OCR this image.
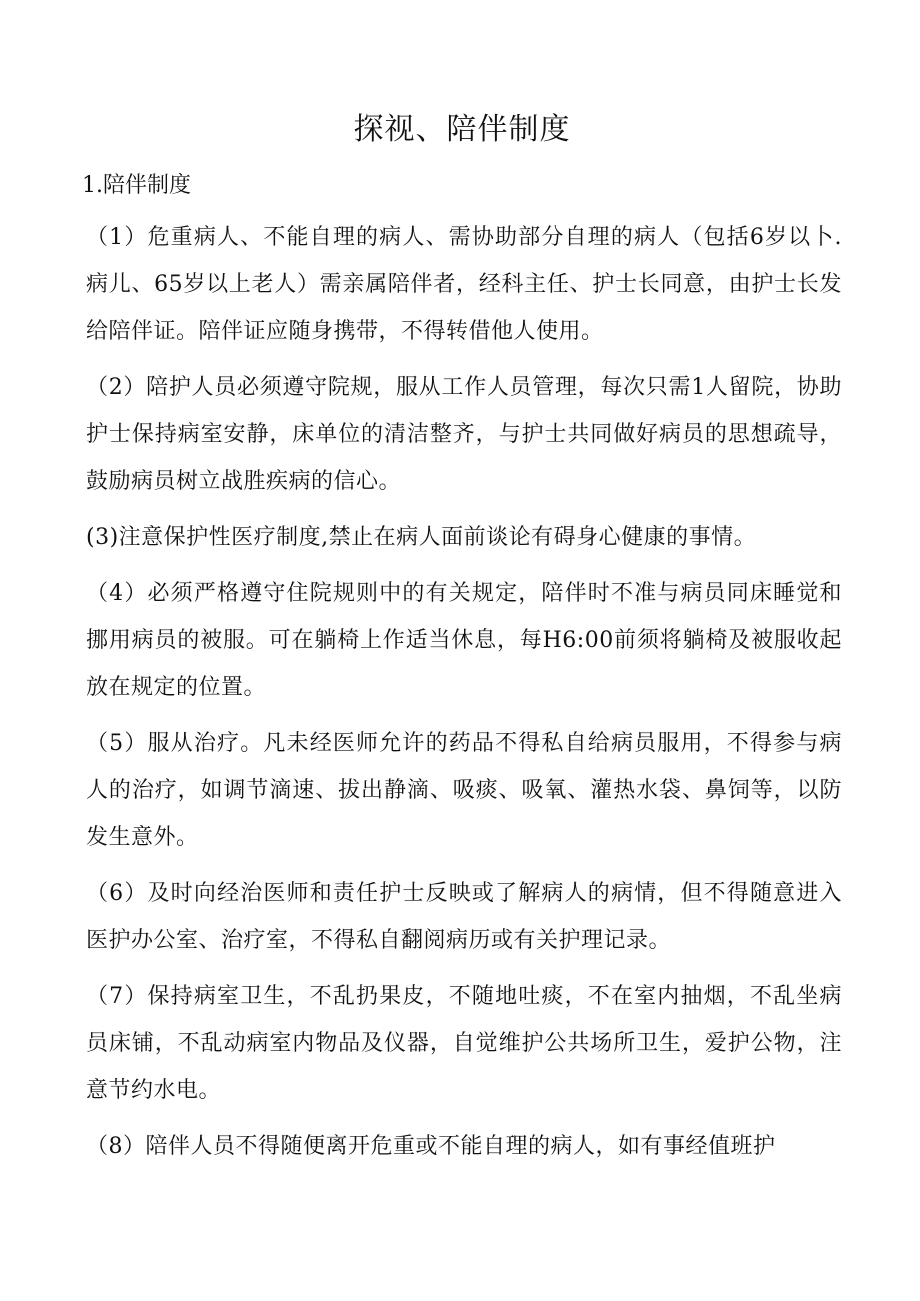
探视、陪伴制度
1.陪伴制度

（1）危重病人、不能自理的病人、需协助部分自理的病人（包括6岁以卜.病儿、65岁以上老人）需亲属陪伴者，经科主任、护士长同意，由护士长发给陪伴证。陪伴证应随身携带，不得转借他人使用。

（2）陪护人员必须遵守院规，服从工作人员管理，每次只需1人留院，协助护士保持病室安静，床单位的清洁整齐，与护士共同做好病员的思想疏导，鼓励病员树立战胜疾病的信心。

(3)注意保护性医疗制度,禁止在病人面前谈论有碍身心健康的事情。

（4）必须严格遵守住院规则中的有关规定，陪伴时不准与病员同床睡觉和挪用病员的被服。可在躺椅上作适当休息，每H6:00前须将躺椅及被服收起放在规定的位置。

（5）服从治疗。凡未经医师允许的药品不得私自给病员服用，不得参与病人的治疗，如调节滴速、拔出静滴、吸痰、吸氧、灌热水袋、鼻饲等，以防发生意外。

（6）及时向经治医师和责任护士反映或了解病人的病情，但不得随意进入医护办公室、治疗室，不得私自翻阅病历或有关护理记录。

（7）保持病室卫生，不乱扔果皮，不随地吐痰，不在室内抽烟，不乱坐病员床铺，不乱动病室内物品及仪器，自觉维护公共场所卫生，爱护公物，注意节约水电。

（8）陪伴人员不得随便离开危重或不能自理的病人，如有事经值班护
